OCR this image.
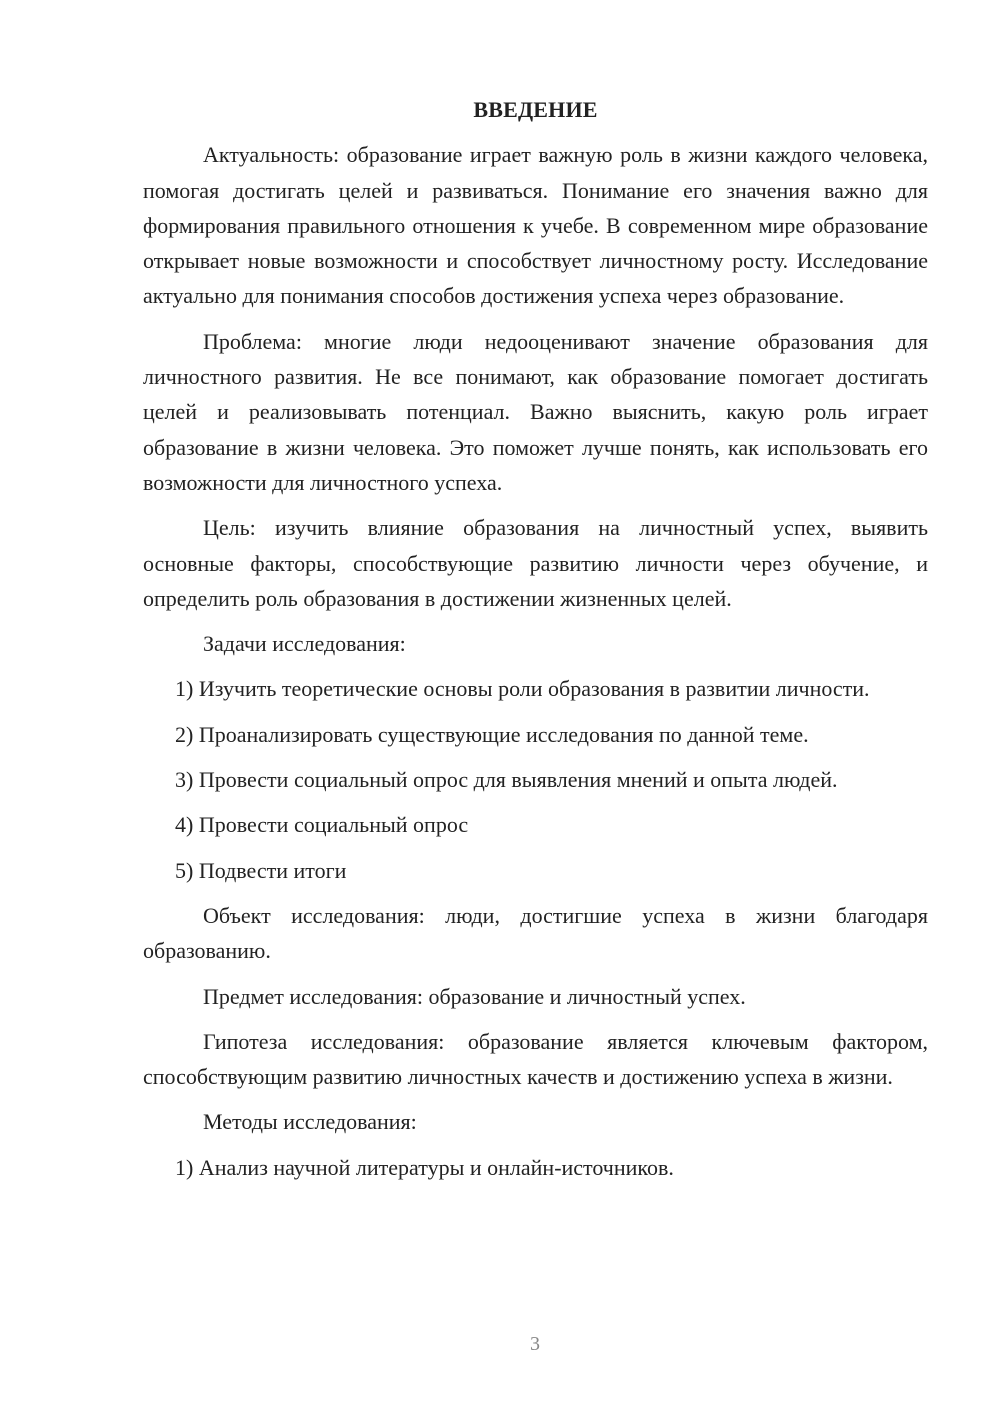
ВВЕДЕНИЕ

Актуальность: образование играет важную роль в жизни каждого человека, помогая достигать целей и развиваться. Понимание его значения важно для формирования правильного отношения к учебе. В современном мире образование открывает новые возможности и способствует личностному росту. Исследование актуально для понимания способов достижения успеха через образование.

Проблема: многие люди недооценивают значение образования для личностного развития. Не все понимают, как образование помогает достигать целей и реализовывать потенциал. Важно выяснить, какую роль играет образование в жизни человека. Это поможет лучше понять, как использовать его возможности для личностного успеха.

Цель: изучить влияние образования на личностный успех, выявить основные факторы, способствующие развитию личности через обучение, и определить роль образования в достижении жизненных целей.

Задачи исследования:

1) Изучить теоретические основы роли образования в развитии личности.

2) Проанализировать существующие исследования по данной теме.

3) Провести социальный опрос для выявления мнений и опыта людей.

4) Провести социальный опрос

5) Подвести итоги

Объект исследования: люди, достигшие успеха в жизни благодаря образованию.

Предмет исследования: образование и личностный успех.

Гипотеза исследования: образование является ключевым фактором, способствующим развитию личностных качеств и достижению успеха в жизни.

Методы исследования:

1) Анализ научной литературы и онлайн-источников.

3
